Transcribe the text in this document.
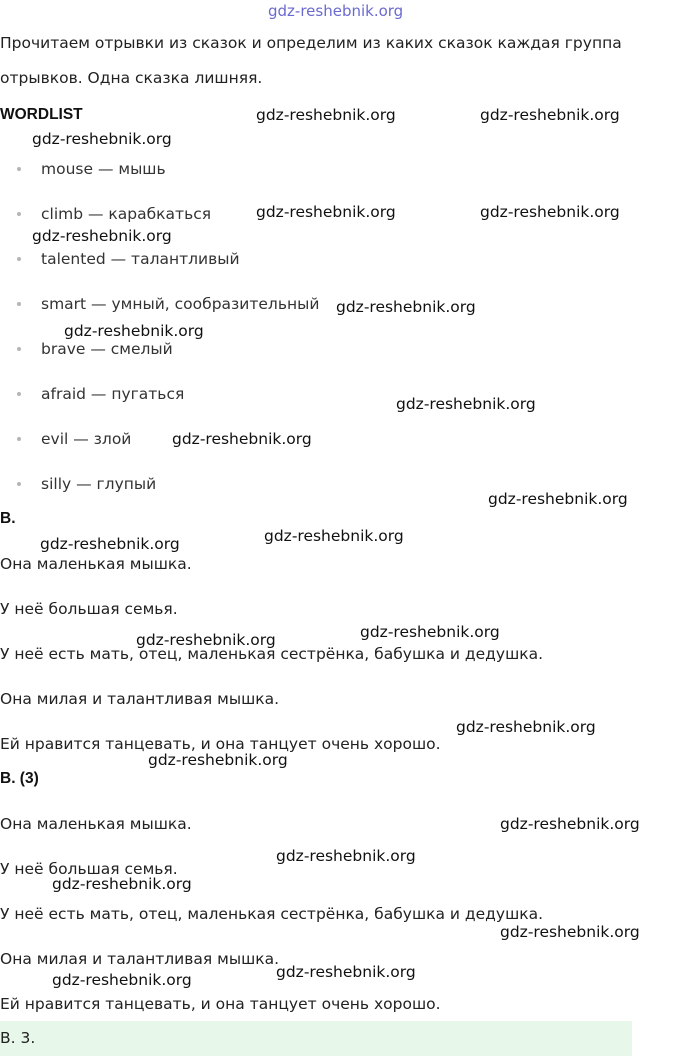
gdz-reshebnik.org
Прочитаем отрывки из сказок и определим из каких сказок каждая группа
отрывков. Одна сказка лишняя.
WORDLIST
mouse — мышь
climb — карабкаться
talented — талантливый
smart — умный, сообразительный
brave — смелый
afraid — пугаться
evil — злой
silly — глупый
B.
Она маленькая мышка.
У неё большая семья.
У неё есть мать, отец, маленькая сестрёнка, бабушка и дедушка.
Она милая и талантливая мышка.
Ей нравится танцевать, и она танцует очень хорошо.
B. (3)
Она маленькая мышка.
У неё большая семья.
У неё есть мать, отец, маленькая сестрёнка, бабушка и дедушка.
Она милая и талантливая мышка.
Ей нравится танцевать, и она танцует очень хорошо.
B. 3.
gdz-reshebnik.org	gdz-reshebnik.org
gdz-reshebnik.org
gdz-reshebnik.org	gdz-reshebnik.org
gdz-reshebnik.org
gdz-reshebnik.org
gdz-reshebnik.org
gdz-reshebnik.org
gdz-reshebnik.org
gdz-reshebnik.org
gdz-reshebnik.org
gdz-reshebnik.org
gdz-reshebnik.org
gdz-reshebnik.org
gdz-reshebnik.org
gdz-reshebnik.org
gdz-reshebnik.org
gdz-reshebnik.org
gdz-reshebnik.org
gdz-reshebnik.org
gdz-reshebnik.org
gdz-reshebnik.org
